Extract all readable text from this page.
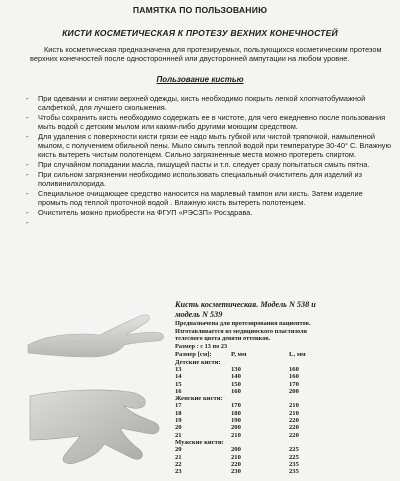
ПАМЯТКА ПО ПОЛЬЗОВАНИЮ
КИСТИ КОСМЕТИЧЕСКАЯ К ПРОТЕЗУ ВЕХНИХ КОНЕЧНОСТЕЙ
Кисть косметическая предназначена для протезируемых, пользующихся косметическим протезом верхних конечностей после одностороннней или двусторонней ампутации на любом уровне.
Пользование кистью
- При одевании и снятии верхней одежды, кисть необходимо покрыть легкой хлопчатобумажной салфеткой, для лучшего скольжения.
- Чтобы сохранить кисть необходимо содержать ее в чистоте, для чего ежедневно после пользования мыть водой с детским мылом или каким-либо другими моющим средством.
- Для удаления с поверхности кисти грязи ее надо мыть губкой или чистой тряпочкой, намыленной мылом, с получением обильной пены. Мыло смыть теплой водой при температуре 30-40° С. Влажную кисть вытереть чистым полотенцем. Сильно загрязненные места можно протереть спиртом.
- При случайном попадании масла, пишущей пасты и т.п. следует сразу попытаться смыть пятна.
- При сильном загрязнении необходимо использовать специальный очиститель для изделий из поливинилхлорида.
- Специальное очищающее средство наносится на марлевый тампон или кисть. Затем изделие промыть под теплой проточной водой . Влажную кисть вытереть полотенцем.
- Очиститель можно приобрести на ФГУП «РЭСЗП» Росздрава.
Кисть косметическая. Модель N 538 и
модель N 539
Предназначена для протезирования пациентов.
Изготавливается из медицинского пластизоля
телесного цвета девяти оттенков.
Размер : с 13 по 23
Размер [см]:	Р, мм	L, мм
Детские кисти:		
13	130	160
14	140	160
15	150	170
16	160	200
Женские кисти:		
17	170	210
18	180	210
19	190	220
20	200	220
21	210	220
Мужские кисти:		
20	200	225
21	210	225
22	220	235
23	230	235
